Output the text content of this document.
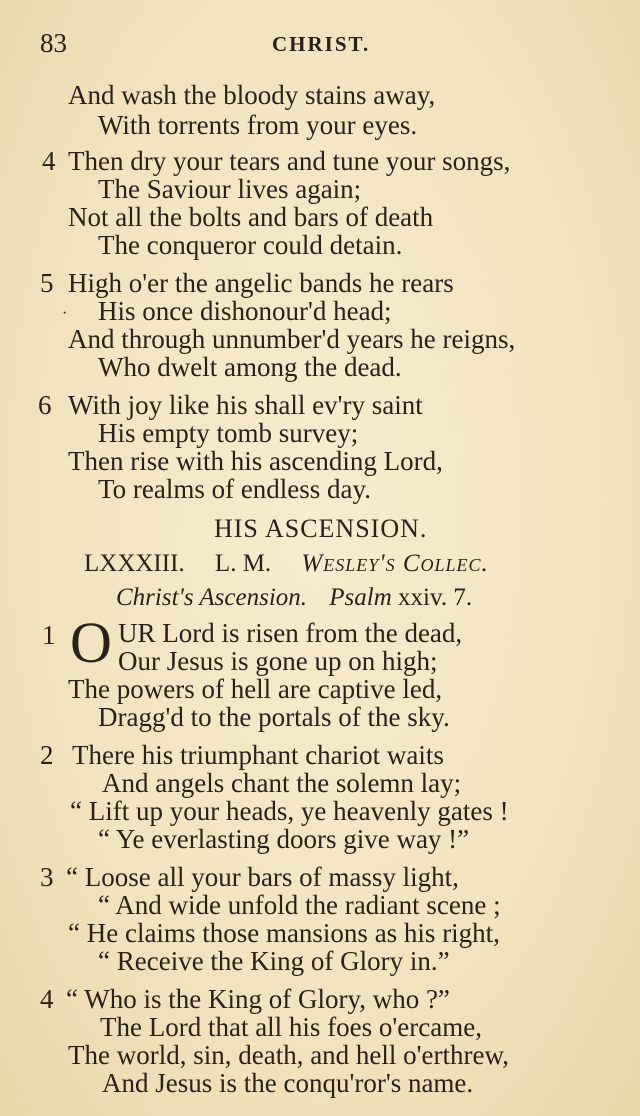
83	CHRIST.
And wash the bloody stains away,
With torrents from your eyes.
4 Then dry your tears and tune your songs,
The Saviour lives again;
Not all the bolts and bars of death
The conqueror could detain.
5 High o'er the angelic bands he rears
· His once dishonour'd head;
And through unnumber'd years he reigns,
Who dwelt among the dead.
6 With joy like his shall ev'ry saint
His empty tomb survey;
Then rise with his ascending Lord,
To realms of endless day.
HIS ASCENSION.
LXXXIII. L. M. Wesley's Collec.
Christ's Ascension. Psalm xxiv. 7.
1 O UR Lord is risen from the dead,
Our Jesus is gone up on high;
The powers of hell are captive led,
Dragg'd to the portals of the sky.
2 There his triumphant chariot waits
And angels chant the solemn lay;
“ Lift up your heads, ye heavenly gates !
“ Ye everlasting doors give way !”
3 “ Loose all your bars of massy light,
“ And wide unfold the radiant scene ;
“ He claims those mansions as his right,
“ Receive the King of Glory in.”
4 “ Who is the King of Glory, who ?”
The Lord that all his foes o'ercame,
The world, sin, death, and hell o'erthrew,
And Jesus is the conqu'ror's name.
